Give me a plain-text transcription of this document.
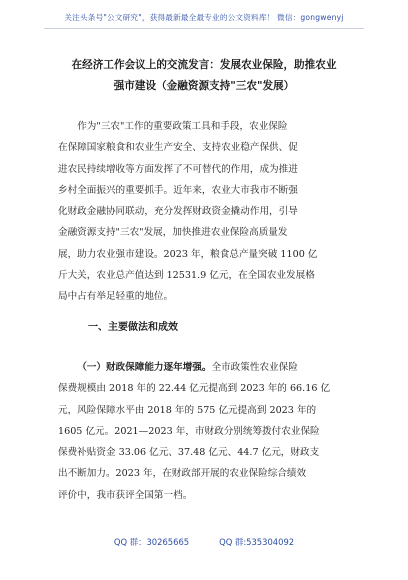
关注头条号"公文研究"，获得最新最全最专业的公文资料库！ 微信：gongwenyj
在经济工作会议上的交流发言：发展农业保险，助推农业
强市建设（金融资源支持"三农"发展）
作为"三农"工作的重要政策工具和手段，农业保险
在保障国家粮食和农业生产安全、支持农业稳产保供、促
进农民持续增收等方面发挥了不可替代的作用，成为推进
乡村全面振兴的重要抓手。近年来，农业大市我市不断强
化财政金融协同联动，充分发挥财政资金撬动作用，引导
金融资源支持"三农"发展，加快推进农业保险高质量发
展，助力农业强市建设。2023 年，粮食总产量突破 1100 亿
斤大关，农业总产值达到 12531.9 亿元，在全国农业发展格
局中占有举足轻重的地位。
一、主要做法和成效
（一）财政保障能力逐年增强。全市政策性农业保险
保费规模由 2018 年的 22.44 亿元提高到 2023 年的 66.16 亿
元，风险保障水平由 2018 年的 575 亿元提高到 2023 年的
1605 亿元。2021—2023 年，市财政分别统筹拨付农业保险
保费补贴资金 33.06 亿元、37.48 亿元、44.7 亿元，财政支
出不断加力。2023 年，在财政部开展的农业保险综合绩效
评价中，我市获评全国第一档。
QQ 群：30265665	QQ 群:535304092
